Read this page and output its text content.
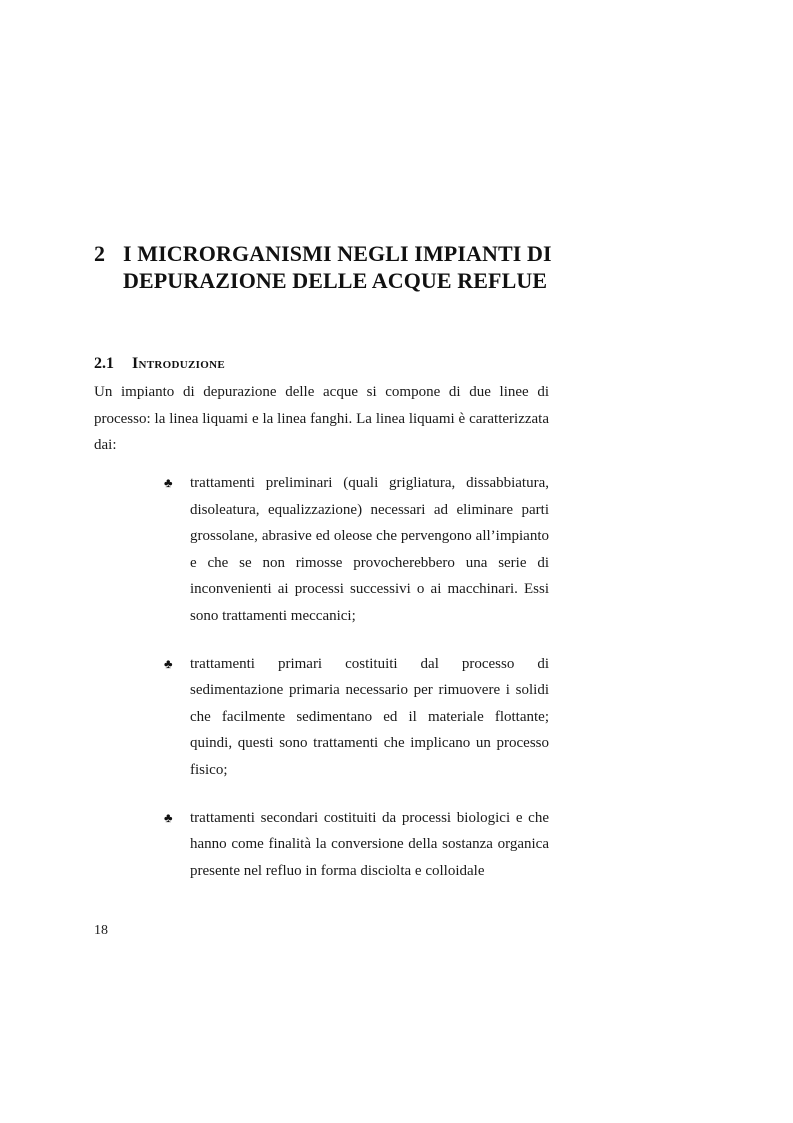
2 I MICRORGANISMI NEGLI IMPIANTI DI DEPURAZIONE DELLE ACQUE REFLUE
2.1 Introduzione

Un impianto di depurazione delle acque si compone di due linee di processo: la linea liquami e la linea fanghi. La linea liquami è caratterizzata dai:

♣ trattamenti preliminari (quali grigliatura, dissabbiatura, disoleatura, equalizzazione) necessari ad eliminare parti grossolane, abrasive ed oleose che pervengono all’impianto e che se non rimosse provocherebbero una serie di inconvenienti ai processi successivi o ai macchinari. Essi sono trattamenti meccanici;
♣ trattamenti primari costituiti dal processo di sedimentazione primaria necessario per rimuovere i solidi che facilmente sedimentano ed il materiale flottante; quindi, questi sono trattamenti che implicano un processo fisico;
♣ trattamenti secondari costituiti da processi biologici e che hanno come finalità la conversione della sostanza organica presente nel refluo in forma disciolta e colloidale
18
